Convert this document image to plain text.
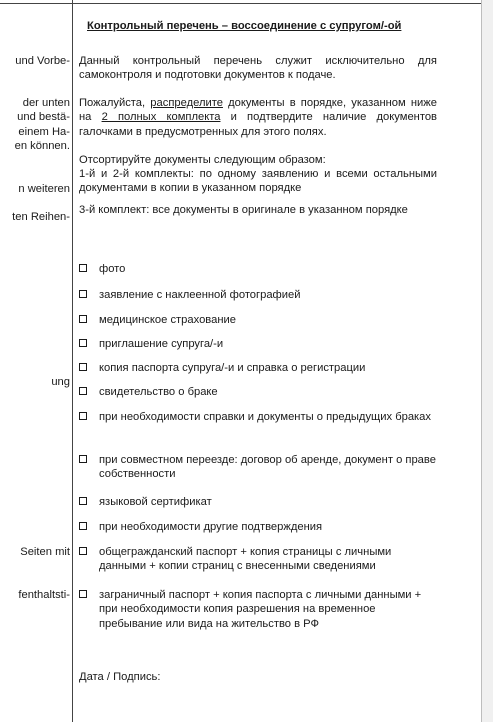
und Vorbe-
der unten
und bestä-
einem Ha-
en können.
n weiteren
ten Reihen-
ung
Seiten mit
fenthaltsti-
Контрольный перечень – воссоединение с супругом/-ой
Данный контрольный перечень служит исключительно для самоконтроля и подготовки документов к подаче.
Пожалуйста, распределите документы в порядке, указанном ниже на 2 полных комплекта и подтвердите наличие документов галочками в предусмотренных для этого полях.
Отсортируйте документы следующим образом:
1-й и 2-й комплекты: по одному заявлению и всеми остальными документами в копии в указанном порядке
3-й комплект: все документы в оригинале в указанном порядке
фото
заявление с наклеенной фотографией
медицинское страхование
приглашение супруга/-и
копия паспорта супруга/-и и справка о регистрации
свидетельство о браке
при необходимости справки и документы о предыдущих браках
при совместном переезде: договор об аренде, документ о праве собственности
языковой сертификат
при необходимости другие подтверждения
общегражданский паспорт + копия страницы с личными данными + копии страниц с внесенными сведениями
заграничный паспорт + копия паспорта с личными данными + при необходимости копия разрешения на временное пребывание или вида на жительство в РФ
Дата / Подпись:
